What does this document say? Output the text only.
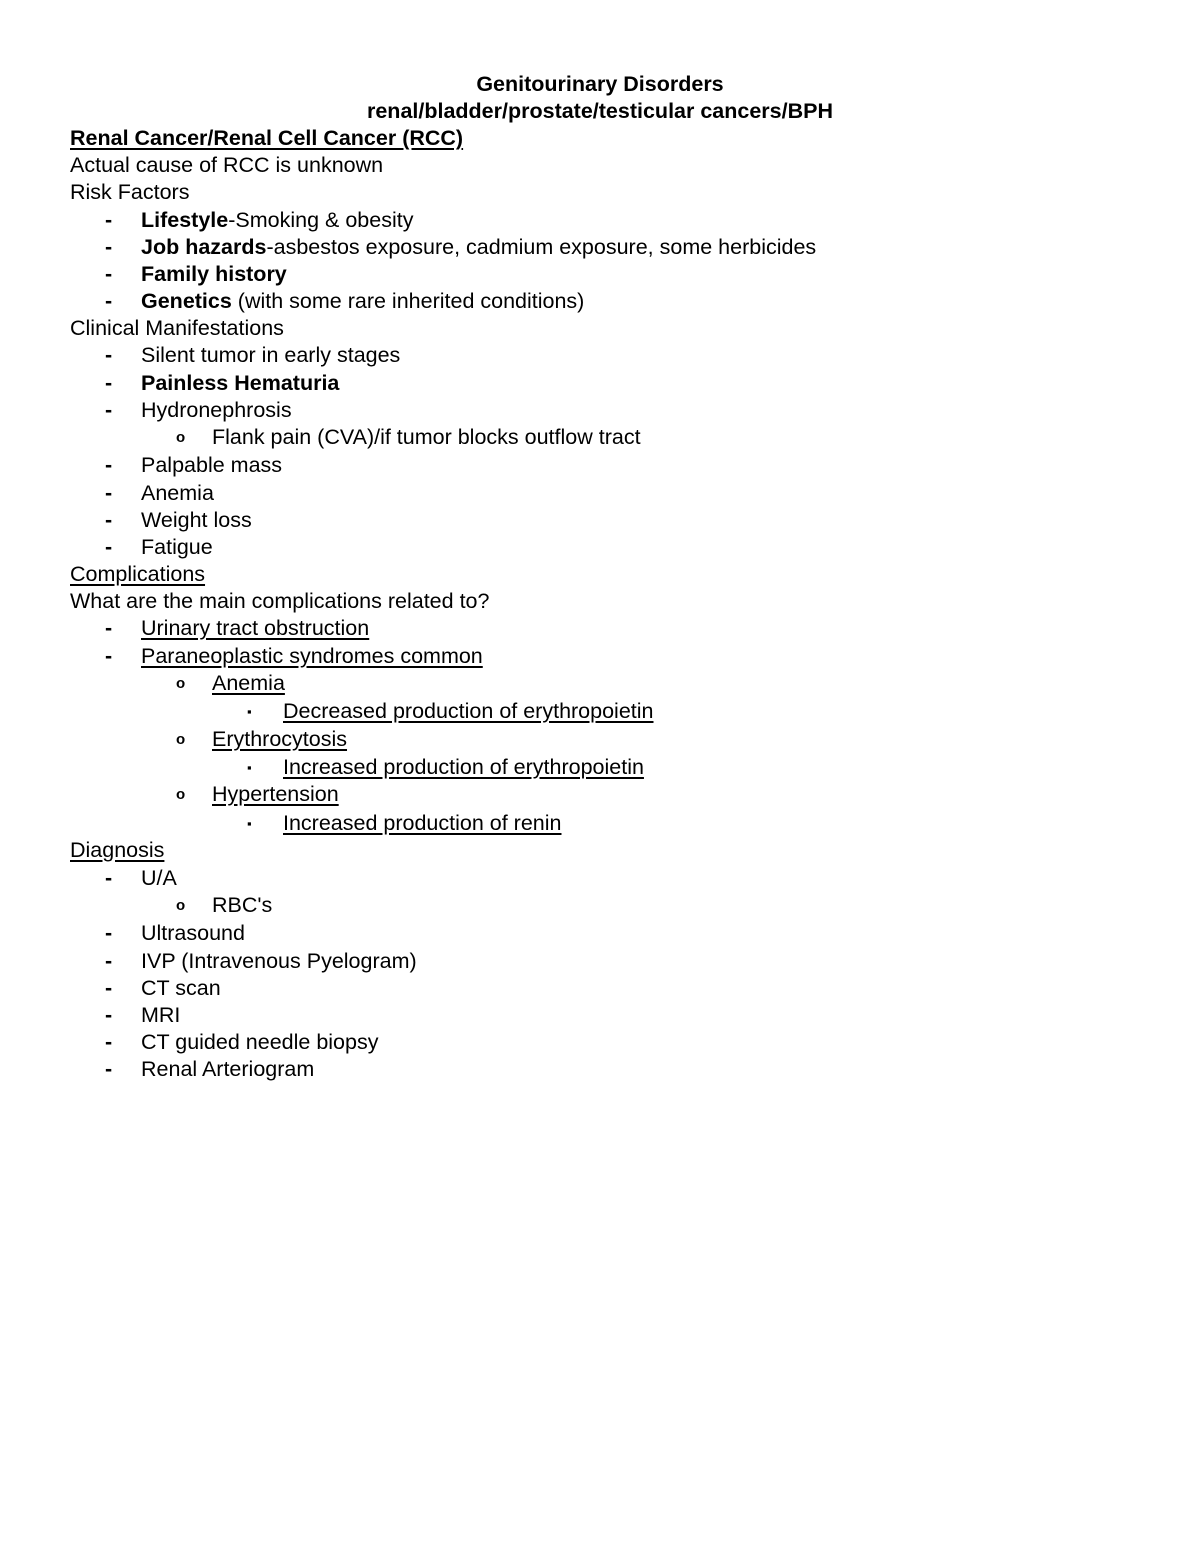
Genitourinary Disorders
renal/bladder/prostate/testicular cancers/BPH
Renal Cancer/Renal Cell Cancer (RCC)
Actual cause of RCC is unknown
Risk Factors
- Lifestyle-Smoking & obesity
- Job hazards-asbestos exposure, cadmium exposure, some herbicides
- Family history
- Genetics (with some rare inherited conditions)
Clinical Manifestations
- Silent tumor in early stages
- Painless Hematuria
- Hydronephrosis
o Flank pain (CVA)/if tumor blocks outflow tract
- Palpable mass
- Anemia
- Weight loss
- Fatigue
Complications
What are the main complications related to?
- Urinary tract obstruction
- Paraneoplastic syndromes common
o Anemia
▪ Decreased production of erythropoietin
o Erythrocytosis
▪ Increased production of erythropoietin
o Hypertension
▪ Increased production of renin
Diagnosis
- U/A
o RBC's
- Ultrasound
- IVP (Intravenous Pyelogram)
- CT scan
- MRI
- CT guided needle biopsy
- Renal Arteriogram
